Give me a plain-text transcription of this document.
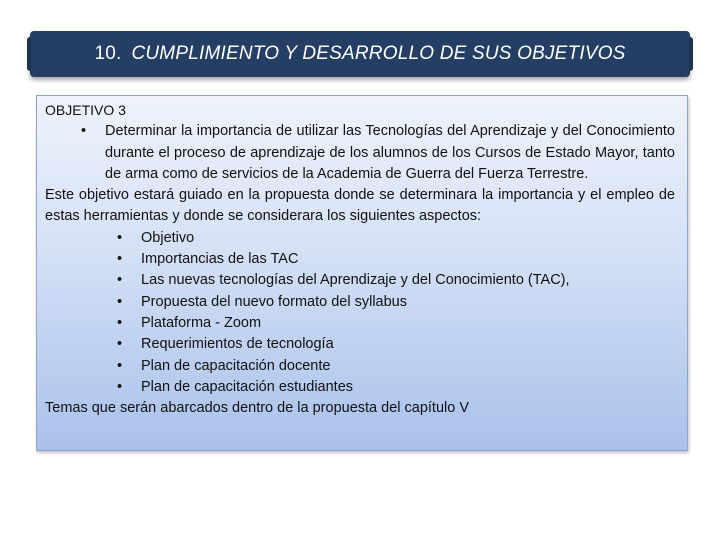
10. CUMPLIMIENTO Y DESARROLLO DE SUS OBJETIVOS

OBJETIVO 3

•	Determinar la importancia de utilizar las Tecnologías del Aprendizaje y del Conocimiento durante el proceso de aprendizaje de los alumnos de los Cursos de Estado Mayor, tanto de arma como de servicios de la Academia de Guerra del Fuerza Terrestre.

Este objetivo estará guiado en la propuesta donde se determinara la importancia y el empleo de estas herramientas y donde se considerara los siguientes aspectos:

•	Objetivo
•	Importancias de las TAC
•	Las nuevas tecnologías del Aprendizaje y del Conocimiento (TAC),
•	Propuesta del nuevo formato del syllabus
•	Plataforma - Zoom
•	Requerimientos de tecnología
•	Plan de capacitación docente
•	Plan de capacitación estudiantes

Temas que serán abarcados dentro de la propuesta del capítulo V
